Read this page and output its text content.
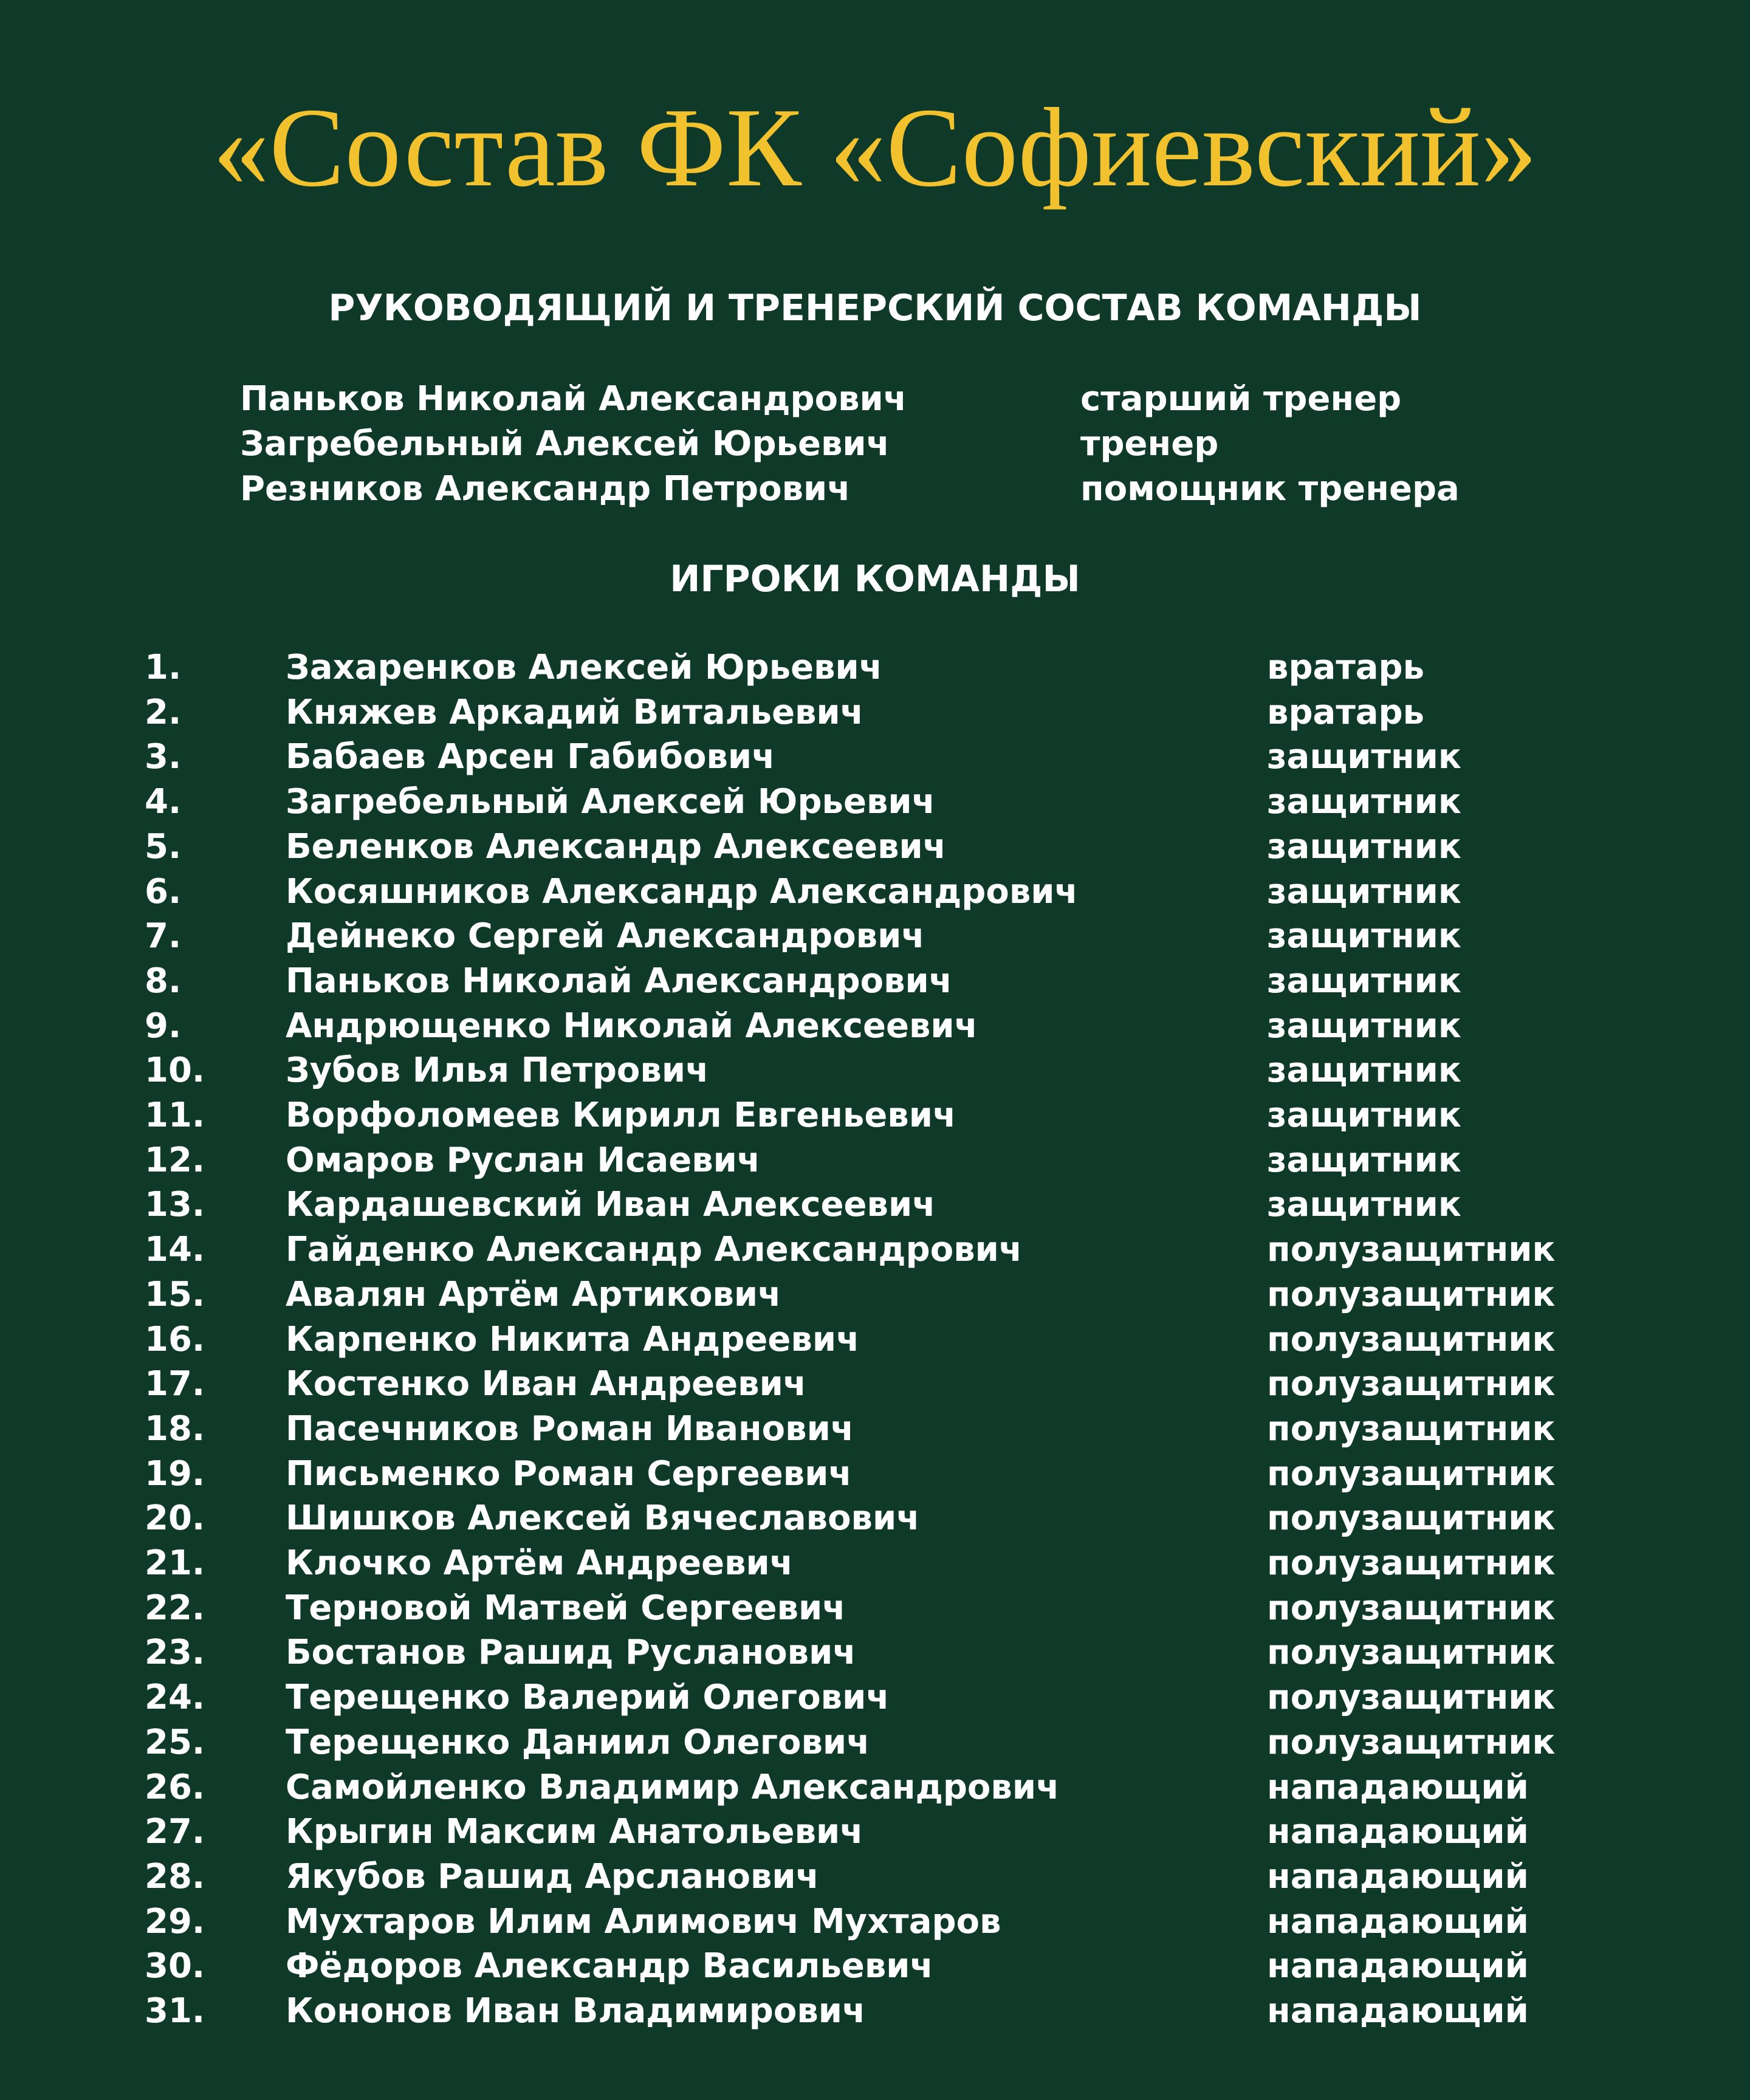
«Состав ФК «Софиевский»
РУКОВОДЯЩИЙ И ТРЕНЕРСКИЙ СОСТАВ КОМАНДЫ
Паньков Николай Александрович	старший тренер
Загребельный Алексей Юрьевич	тренер
Резников Александр Петрович	помощник тренера
ИГРОКИ КОМАНДЫ
1.	Захаренков Алексей Юрьевич	вратарь
2.	Княжев Аркадий Витальевич	вратарь
3.	Бабаев Арсен Габибович	защитник
4.	Загребельный Алексей Юрьевич	защитник
5.	Беленков Александр Алексеевич	защитник
6.	Косяшников Александр Александрович	защитник
7.	Дейнеко Сергей Александрович	защитник
8.	Паньков Николай Александрович	защитник
9.	Андрющенко Николай Алексеевич	защитник
10. Зубов Илья Петрович	защитник
11. Ворфоломеев Кирилл Евгеньевич	защитник
12. Омаров Руслан Исаевич	защитник
13. Кардашевский Иван Алексеевич	защитник
14. Гайденко Александр Александрович	полузащитник
15. Авалян Артём Артикович	полузащитник
16. Карпенко Никита Андреевич	полузащитник
17. Костенко Иван Андреевич	полузащитник
18. Пасечников Роман Иванович	полузащитник
19. Письменко Роман Сергеевич	полузащитник
20. Шишков Алексей Вячеславович	полузащитник
21. Клочко Артём Андреевич	полузащитник
22. Терновой Матвей Сергеевич	полузащитник
23. Бостанов Рашид Русланович	полузащитник
24. Терещенко Валерий Олегович	полузащитник
25. Терещенко Даниил Олегович	полузащитник
26. Самойленко Владимир Александрович	нападающий
27. Крыгин Максим Анатольевич	нападающий
28. Якубов Рашид Арсланович	нападающий
29. Мухтаров Илим Алимович Мухтаров	нападающий
30. Фёдоров Александр Васильевич	нападающий
31. Кононов Иван Владимирович	нападающий
